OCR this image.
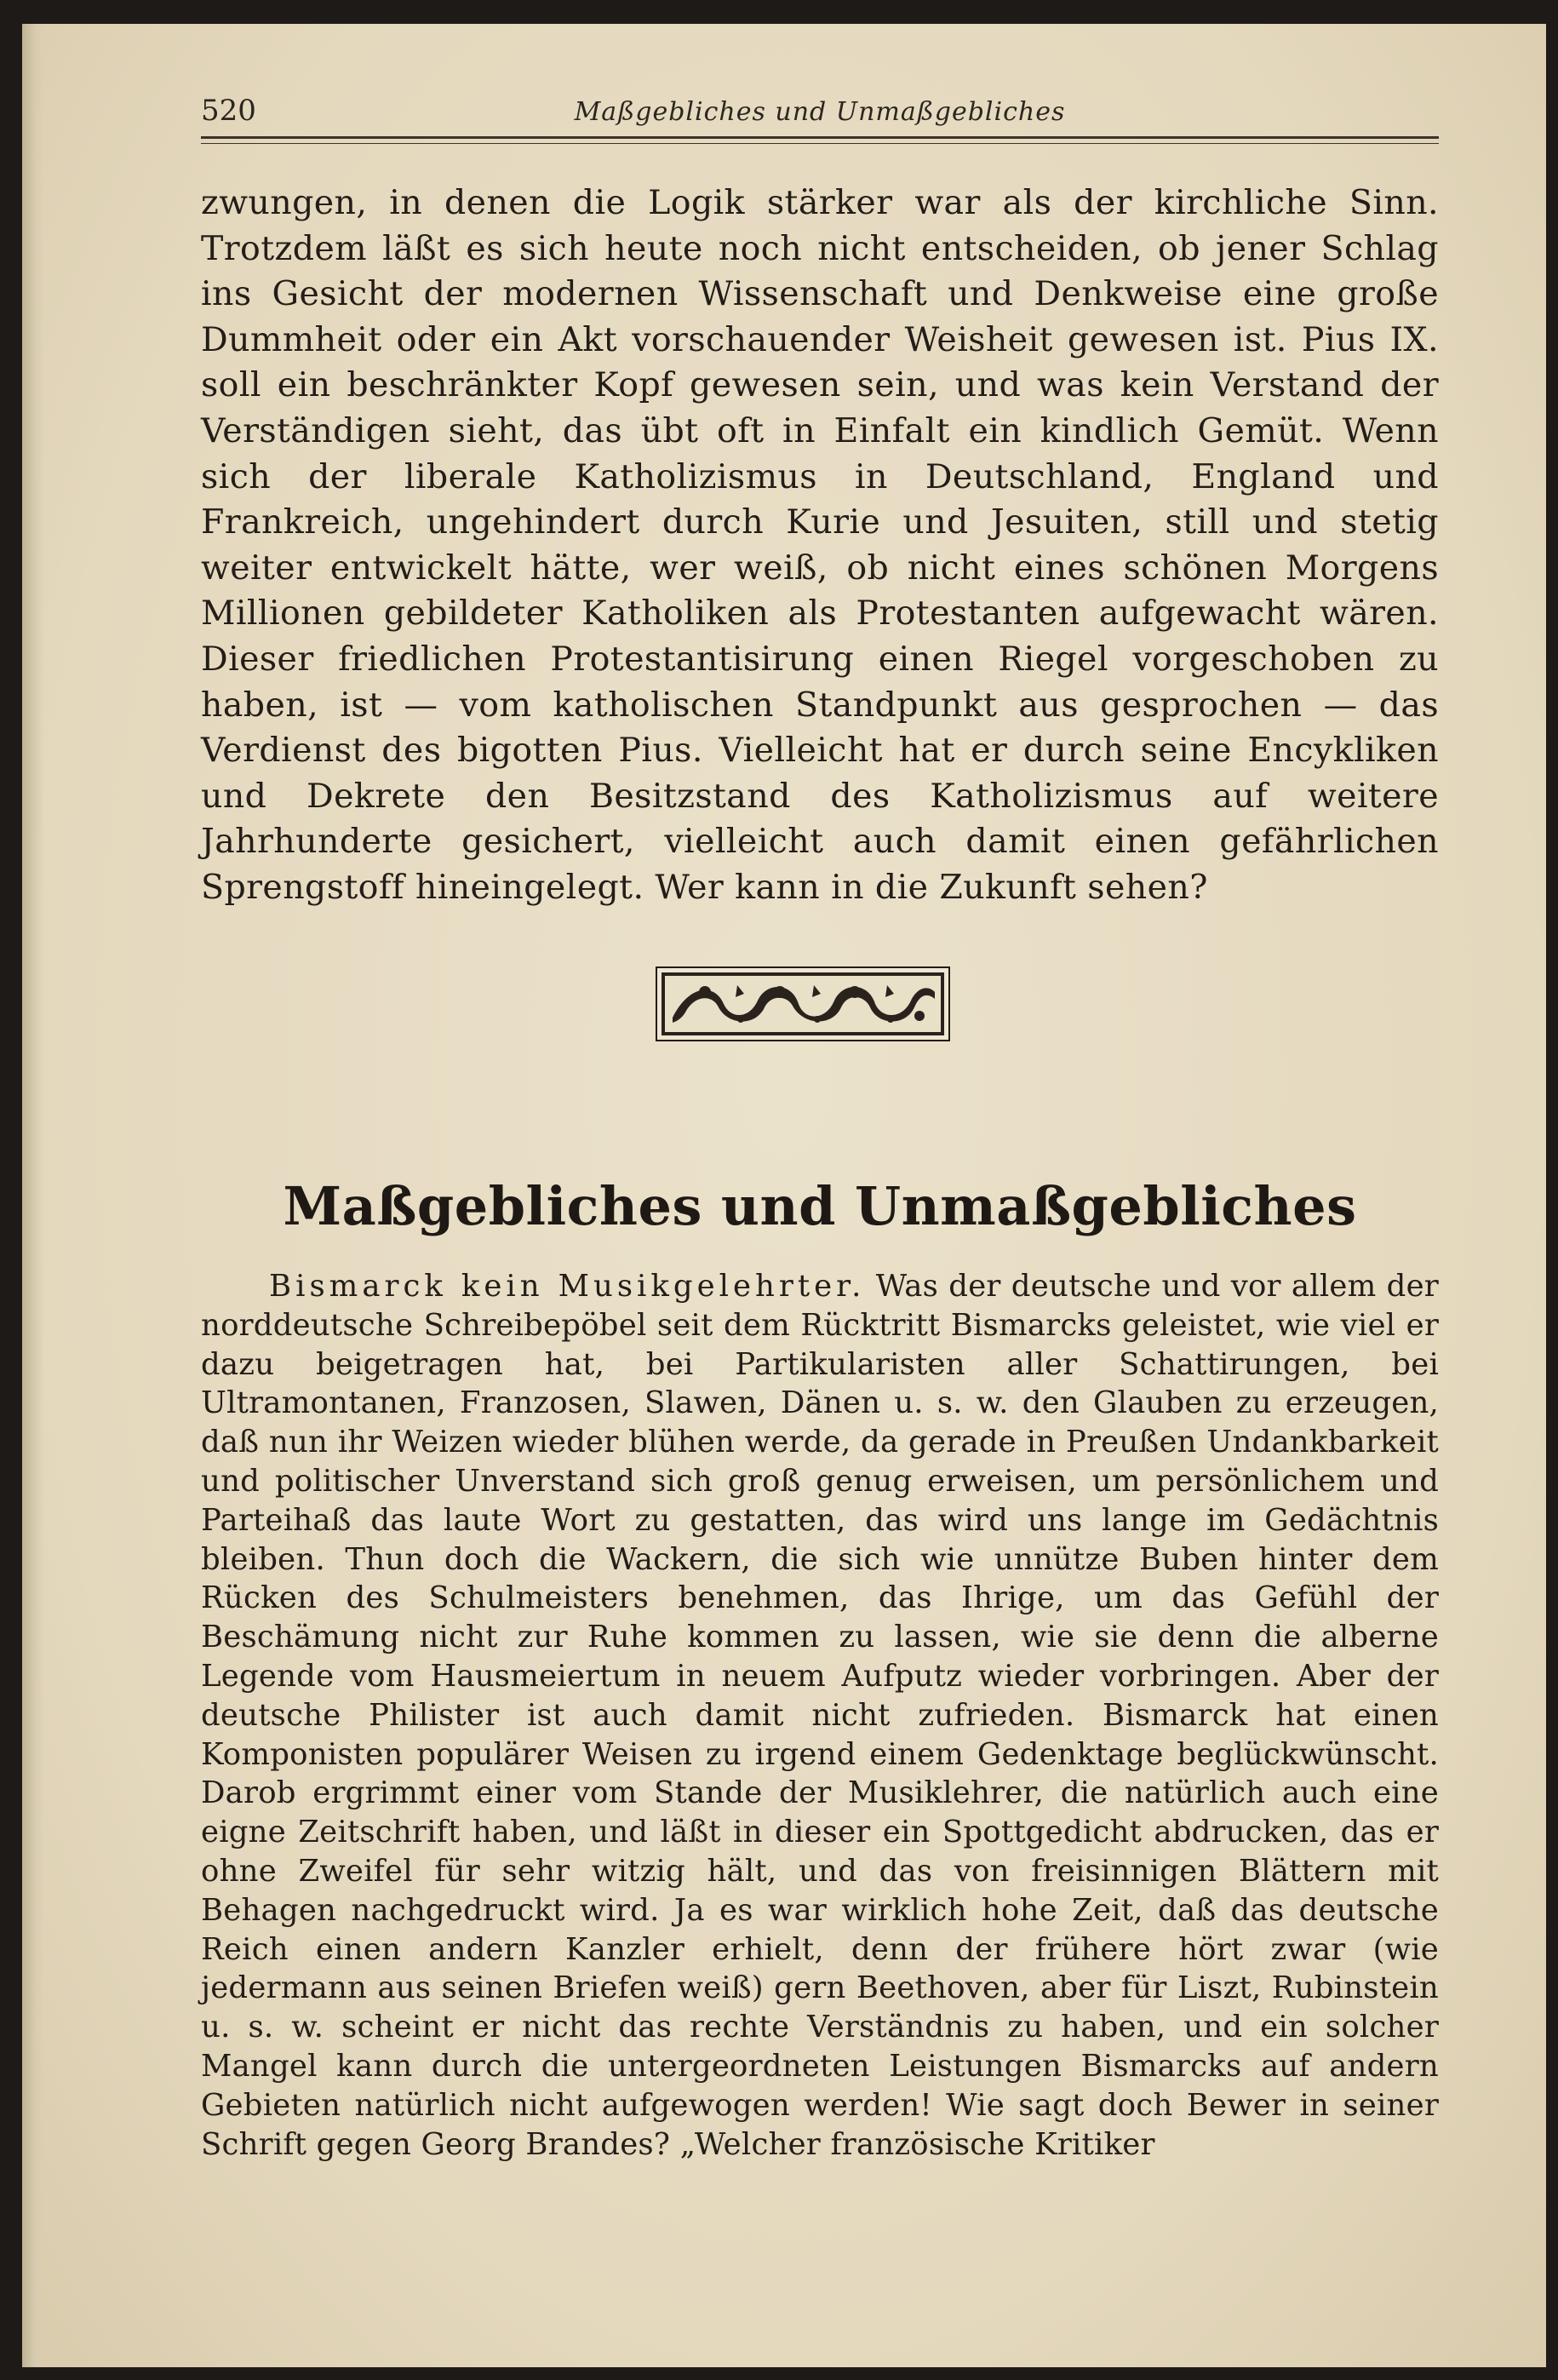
520	Maßgebliches und Unmaßgebliches

zwungen, in denen die Logik stärker war als der kirchliche Sinn. Trotzdem läßt es sich heute noch nicht entscheiden, ob jener Schlag ins Gesicht der modernen Wissenschaft und Denkweise eine große Dummheit oder ein Akt vorschauender Weisheit gewesen ist. Pius IX. soll ein beschränkter Kopf gewesen sein, und was kein Verstand der Verständigen sieht, das übt oft in Einfalt ein kindlich Gemüt. Wenn sich der liberale Katholizismus in Deutschland, England und Frankreich, ungehindert durch Kurie und Jesuiten, still und stetig weiter entwickelt hätte, wer weiß, ob nicht eines schönen Morgens Millionen gebildeter Katholiken als Protestanten aufgewacht wären. Dieser friedlichen Protestantisirung einen Riegel vorgeschoben zu haben, ist — vom katholischen Standpunkt aus gesprochen — das Verdienst des bigotten Pius. Vielleicht hat er durch seine Encykliken und Dekrete den Besitzstand des Katholizismus auf weitere Jahrhunderte gesichert, vielleicht auch damit einen gefährlichen Sprengstoff hineingelegt. Wer kann in die Zukunft sehen?

Maßgebliches und Unmaßgebliches

Bismarck kein Musikgelehrter. Was der deutsche und vor allem der norddeutsche Schreibepöbel seit dem Rücktritt Bismarcks geleistet, wie viel er dazu beigetragen hat, bei Partikularisten aller Schattirungen, bei Ultramontanen, Franzosen, Slawen, Dänen u. s. w. den Glauben zu erzeugen, daß nun ihr Weizen wieder blühen werde, da gerade in Preußen Undankbarkeit und politischer Unverstand sich groß genug erweisen, um persönlichem und Parteihaß das laute Wort zu gestatten, das wird uns lange im Gedächtnis bleiben. Thun doch die Wackern, die sich wie unnütze Buben hinter dem Rücken des Schulmeisters benehmen, das Ihrige, um das Gefühl der Beschämung nicht zur Ruhe kommen zu lassen, wie sie denn die alberne Legende vom Hausmeiertum in neuem Aufputz wieder vorbringen. Aber der deutsche Philister ist auch damit nicht zufrieden. Bismarck hat einen Komponisten populärer Weisen zu irgend einem Gedenktage beglückwünscht. Darob ergrimmt einer vom Stande der Musiklehrer, die natürlich auch eine eigne Zeitschrift haben, und läßt in dieser ein Spottgedicht abdrucken, das er ohne Zweifel für sehr witzig hält, und das von freisinnigen Blättern mit Behagen nachgedruckt wird. Ja es war wirklich hohe Zeit, daß das deutsche Reich einen andern Kanzler erhielt, denn der frühere hört zwar (wie jedermann aus seinen Briefen weiß) gern Beethoven, aber für Liszt, Rubinstein u. s. w. scheint er nicht das rechte Verständnis zu haben, und ein solcher Mangel kann durch die untergeordneten Leistungen Bismarcks auf andern Gebieten natürlich nicht aufgewogen werden! Wie sagt doch Bewer in seiner Schrift gegen Georg Brandes? „Welcher französische Kritiker
